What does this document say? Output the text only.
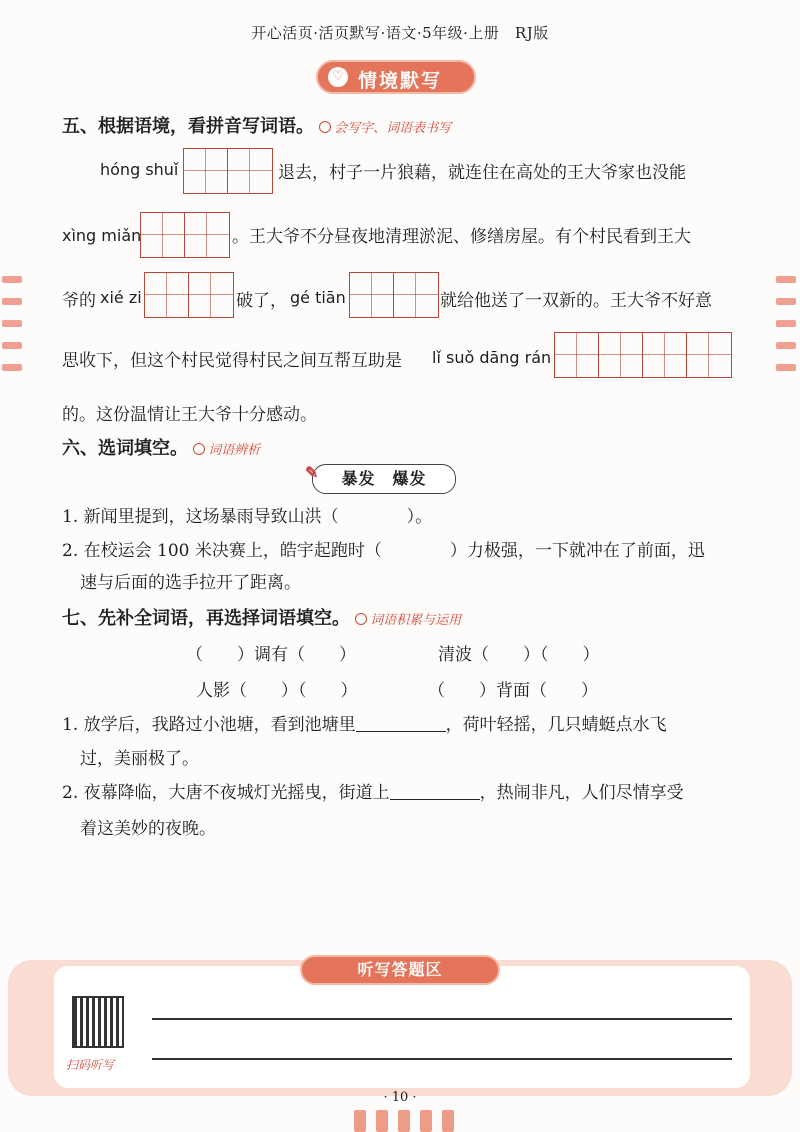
开心活页·活页默写·语文·5年级·上册　RJ版
♡ 情境默写
五、根据语境，看拼音写词语。 会写字、词语表书写
hóng shuǐ	退去，村子一片狼藉，就连住在高处的王大爷家也没能
xìng miǎn	。王大爷不分昼夜地清理淤泥、修缮房屋。有个村民看到王大
爷的 xié zi	破了， gé tiān	就给他送了一双新的。王大爷不好意
思收下，但这个村民觉得村民之间互帮互助是 lǐ suǒ dāng rán
的。这份温情让王大爷十分感动。
六、选词填空。 词语辨析
✎ 暴发　爆发
1. 新闻里提到，这场暴雨导致山洪（　　　　）。
2. 在校运会 100 米决赛上，皓宇起跑时（　　　　）力极强，一下就冲在了前面，迅
速与后面的选手拉开了距离。
七、先补全词语，再选择词语填空。 词语积累与运用
（　　）调有（　　）	清波（　　）（　　）
人影（　　）（　　）	（　　）背面（　　）
1. 放学后，我路过小池塘，看到池塘里	，荷叶轻摇，几只蜻蜓点水飞
过，美丽极了。
2. 夜幕降临，大唐不夜城灯光摇曳，街道上	，热闹非凡，人们尽情享受
着这美妙的夜晚。
听写答题区
扫码听写
· 10 ·
